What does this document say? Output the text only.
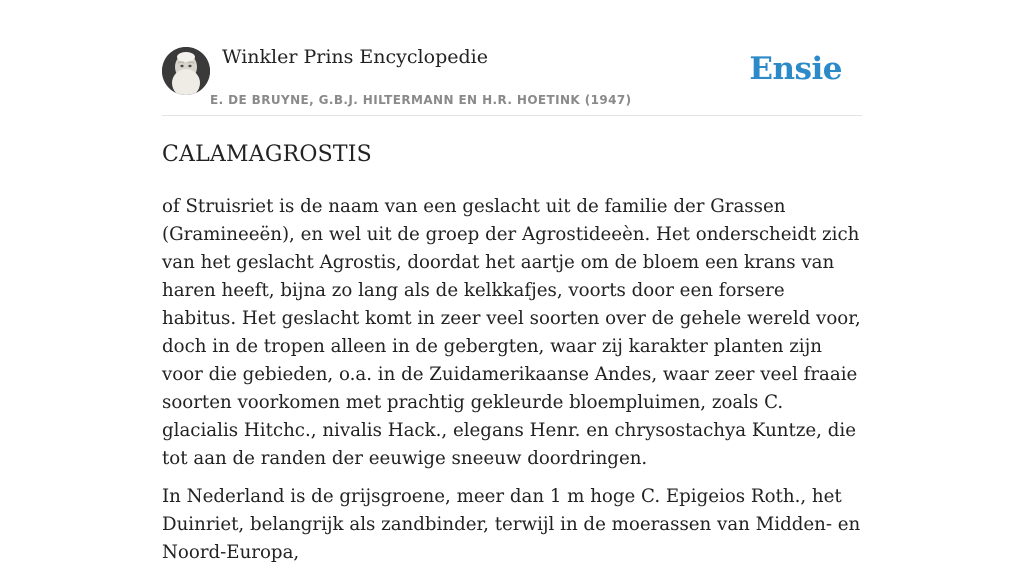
Winkler Prins Encyclopedie
E. DE BRUYNE, G.B.J. HILTERMANN EN H.R. HOETINK (1947)
Ensie
CALAMAGROSTIS

of Struisriet is de naam van een geslacht uit de familie der Grassen (Gramineeën), en wel uit de groep der Agrostideeèn. Het onderscheidt zich van het geslacht Agrostis, doordat het aartje om de bloem een krans van haren heeft, bijna zo lang als de kelkkafjes, voorts door een forsere habitus. Het geslacht komt in zeer veel soorten over de gehele wereld voor, doch in de tropen alleen in de gebergten, waar zij karakter planten zijn voor die gebieden, o.a. in de Zuidamerikaanse Andes, waar zeer veel fraaie soorten voorkomen met prachtig gekleurde bloempluimen, zoals C. glacialis Hitchc., nivalis Hack., elegans Henr. en chrysostachya Kuntze, die tot aan de randen der eeuwige sneeuw doordringen.

In Nederland is de grijsgroene, meer dan 1 m hoge C. Epigeios Roth., het Duinriet, belangrijk als zandbinder, terwijl in de moerassen van Midden- en Noord-Europa,
